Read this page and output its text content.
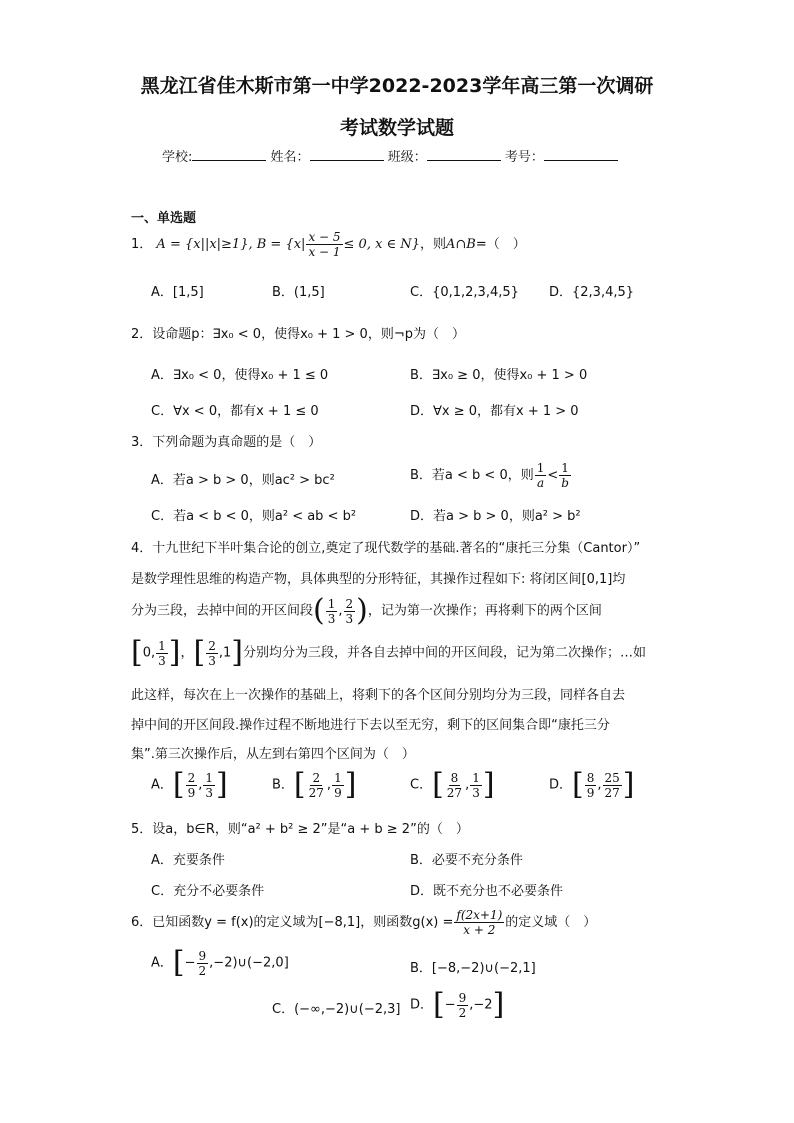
黑龙江省佳木斯市第一中学2022-2023学年高三第一次调研
考试数学试题
学校:	姓名：	班级：	考号：
一、单选题
1． A = {x||x|≥1}, $B = \{x| \frac{x - 5}{x - 1} \le 0$, x ∈ N}，则A∩B=（　）
A．[1,5]	B．(1,5]	C．{0,1,2,3,4,5} D．{2,3,4,5}
2．设命题p：∃x₀ < 0，使得x₀ + 1 > 0，则¬p为（　）
A．∃x₀ < 0，使得x₀ + 1 ≤ 0	B．∃x₀ ≥ 0，使得x₀ + 1 > 0
C．∀x < 0，都有x + 1 ≤ 0	D．∀x ≥ 0，都有x + 1 > 0
3．下列命题为真命题的是（　）
A．若a > b > 0，则ac² > bc²	B．若a < b < 0，则 $\frac{1}{a} < \frac{1}{b}$
C．若a < b < 0，则a² < ab < b²	D．若a > b > 0，则a² > b²
4．十九世纪下半叶集合论的创立,奠定了现代数学的基础.著名的“康托三分集（Cantor）”
是数学理性思维的构造产物，具体典型的分形特征，其操作过程如下: 将闭区间[0,1]均
分为三段，去掉中间的开区间段( $\frac{1}{3}$ , $\frac{2}{3}$ )，记为第一次操作；再将剩下的两个区间
[0, $\frac{1}{3}$ ]，[ $\frac{2}{3} ,1$]分别均分为三段，并各自去掉中间的开区间段，记为第二次操作；…如
此这样，每次在上一次操作的基础上，将剩下的各个区间分别均分为三段，同样各自去
掉中间的开区间段.操作过程不断地进行下去以至无穷，剩下的区间集合即“康托三分
集”.第三次操作后，从左到右第四个区间为（　）
A．[ $\frac{2}{9}$ , $\frac{1}{3}$ ]	B．[ $\frac{2}{27}$ , $\frac{1}{9}$ ]	C．[ $\frac{8}{27}$ , $\frac{1}{3}$ ]	D．[ $\frac{8}{9}$ , $\frac{25}{27}$ ]
5．设a，b∈R，则“a² + b² ≥ 2”是“a + b ≥ 2”的（　）
A．充要条件	B．必要不充分条件
C．充分不必要条件	D．既不充分也不必要条件
6．已知函数y = f(x)的定义域为[−8,1]，则函数$g(x) = \frac{f(2x+1)}{x + 2}$ 的定义域（　）
A．[− $\frac{9}{2}$ ,−2)∪(−2,0]	B．[−8,−2)∪(−2,1]
C．(−∞,−2)∪(−2,3] D．[− $\frac{9}{2} ,-2$]
